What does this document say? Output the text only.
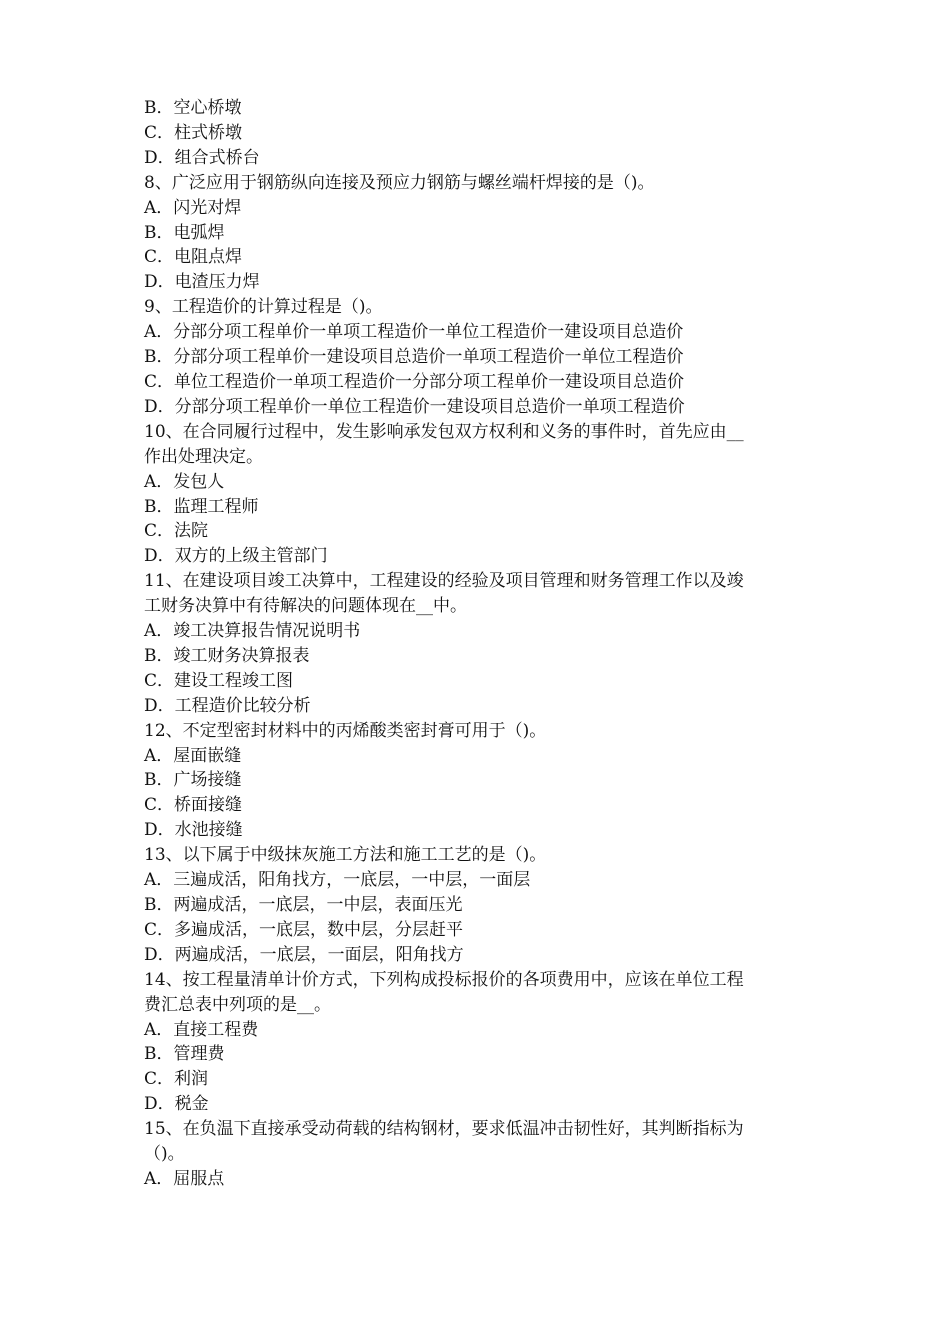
B．空心桥墩
C．柱式桥墩
D．组合式桥台
8、广泛应用于钢筋纵向连接及预应力钢筋与螺丝端杆焊接的是（)。
A．闪光对焊
B．电弧焊
C．电阻点焊
D．电渣压力焊
9、工程造价的计算过程是（)。
A．分部分项工程单价一单项工程造价一单位工程造价一建设项目总造价
B．分部分项工程单价一建设项目总造价一单项工程造价一单位工程造价
C．单位工程造价一单项工程造价一分部分项工程单价一建设项目总造价
D．分部分项工程单价一单位工程造价一建设项目总造价一单项工程造价
10、在合同履行过程中，发生影响承发包双方权利和义务的事件时，首先应由__
作出处理决定。
A．发包人
B．监理工程师
C．法院
D．双方的上级主管部门
11、在建设项目竣工决算中，工程建设的经验及项目管理和财务管理工作以及竣
工财务决算中有待解决的问题体现在__中。
A．竣工决算报告情况说明书
B．竣工财务决算报表
C．建设工程竣工图
D．工程造价比较分析
12、不定型密封材料中的丙烯酸类密封膏可用于（)。
A．屋面嵌缝
B．广场接缝
C．桥面接缝
D．水池接缝
13、以下属于中级抹灰施工方法和施工工艺的是（)。
A．三遍成活，阳角找方，一底层，一中层，一面层
B．两遍成活，一底层，一中层，表面压光
C．多遍成活，一底层，数中层，分层赶平
D．两遍成活，一底层，一面层，阳角找方
14、按工程量清单计价方式，下列构成投标报价的各项费用中，应该在单位工程
费汇总表中列项的是__。
A．直接工程费
B．管理费
C．利润
D．税金
15、在负温下直接承受动荷载的结构钢材，要求低温冲击韧性好，其判断指标为
（)。
A．屈服点
